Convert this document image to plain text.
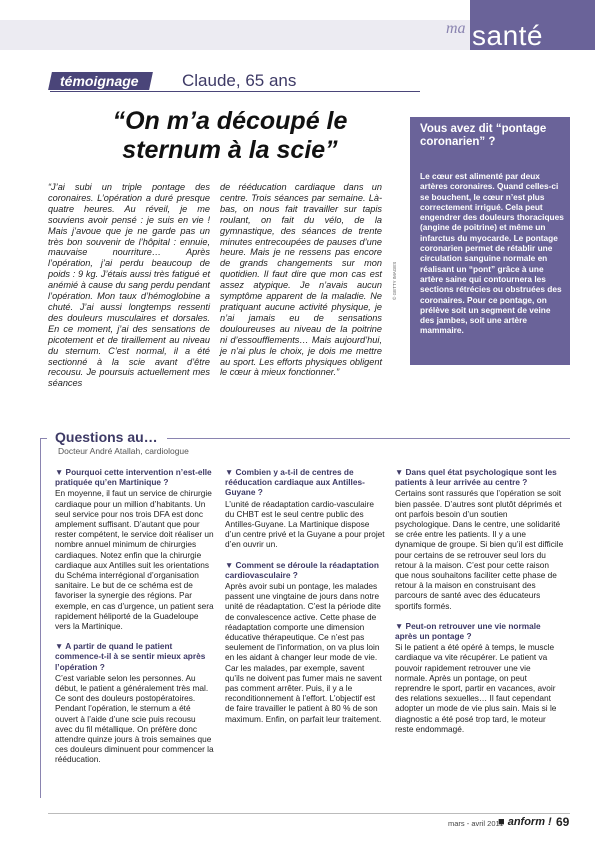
ma santé
témoignage	Claude, 65 ans
“On m’a découpé le sternum à la scie”
“J’ai subi un triple pontage des coronaires. L’opération a duré presque quatre heures. Au réveil, je me souviens avoir pensé : je suis en vie ! Mais j’avoue que je ne garde pas un très bon souvenir de l’hôpital : ennuie, mauvaise nourriture… Après l’opération, j’ai perdu beaucoup de poids : 9 kg. J’étais aussi très fatigué et anémié à cause du sang perdu pendant l’opération. Mon taux d’hémoglobine a chuté. J’ai aussi longtemps ressenti des douleurs musculaires et dorsales. En ce moment, j’ai des sensations de picotement et de tiraillement au niveau du sternum. C’est normal, il a été sectionné à la scie avant d’être recousu. Je poursuis actuellement mes séances
de rééducation cardiaque dans un centre. Trois séances par semaine. Là-bas, on nous fait travailler sur tapis roulant, on fait du vélo, de la gymnastique, des séances de trente minutes entrecoupées de pauses d’une heure. Mais je ne ressens pas encore de grands changements sur mon quotidien. Il faut dire que mon cas est assez atypique. Je n’avais aucun symptôme apparent de la maladie. Ne pratiquant aucune activité physique, je n’ai jamais eu de sensations douloureuses au niveau de la poitrine ni d’essoufflements… Mais aujourd’hui, je n’ai plus le choix, je dois me mettre au sport. Les efforts physiques obligent le cœur à mieux fonctionner.”
Vous avez dit “pontage coronarien” ?
Le cœur est alimenté par deux artères coronaires. Quand celles-ci se bouchent, le cœur n’est plus correctement irrigué. Cela peut engendrer des douleurs thoraciques (angine de poitrine) et même un infarctus du myocarde. Le pontage coronarien permet de rétablir une circulation sanguine normale en réalisant un “pont” grâce à une artère saine qui contournera les sections rétrécies ou obstruées des coronaires. Pour ce pontage, on prélève soit un segment de veine des jambes, soit une artère mammaire.
© GETTY IMAGES
Questions au…
Docteur André Atallah, cardiologue
▼ Pourquoi cette intervention n’est-elle pratiquée qu’en Martinique ?
En moyenne, il faut un service de chirurgie cardiaque pour un million d’habitants. Un seul service pour nos trois DFA est donc amplement suffisant. D’autant que pour rester compétent, le service doit réaliser un nombre annuel minimum de chirurgies cardiaques. Notez enfin que la chirurgie cardiaque aux Antilles suit les orientations du Schéma interrégional d’organisation sanitaire. Le but de ce schéma est de favoriser la synergie des régions. Par exemple, en cas d’urgence, un patient sera rapidement héliporté de la Guadeloupe vers la Martinique.
▼ A partir de quand le patient commence-t-il à se sentir mieux après l’opération ?
C’est variable selon les personnes. Au début, le patient a généralement très mal. Ce sont des douleurs postopératoires. Pendant l’opération, le sternum a été ouvert à l’aide d’une scie puis recousu avec du fil métallique. On préfère donc attendre quinze jours à trois semaines que ces douleurs diminuent pour commencer la rééducation.
▼ Combien y a-t-il de centres de rééducation cardiaque aux Antilles-Guyane ?
L’unité de réadaptation cardio-vasculaire du CHBT est le seul centre public des Antilles-Guyane. La Martinique dispose d’un centre privé et la Guyane a pour projet d’en ouvrir un.
▼ Comment se déroule la réadaptation cardiovasculaire ?
Après avoir subi un pontage, les malades passent une vingtaine de jours dans notre unité de réadaptation. C’est la période dite de convalescence active. Cette phase de réadaptation comporte une dimension éducative thérapeutique. Ce n’est pas seulement de l’information, on va plus loin en les aidant à changer leur mode de vie. Car les malades, par exemple, savent qu’ils ne doivent pas fumer mais ne savent pas comment arrêter. Puis, il y a le reconditionnement à l’effort. L’objectif est de faire travailler le patient à 80 % de son maximum. Enfin, on parfait leur traitement.
▼ Dans quel état psychologique sont les patients à leur arrivée au centre ?
Certains sont rassurés que l’opération se soit bien passée. D’autres sont plutôt déprimés et ont parfois besoin d’un soutien psychologique. Dans le centre, une solidarité se crée entre les patients. Il y a une dynamique de groupe. Si bien qu’il est difficile pour certains de se retrouver seul lors du retour à la maison. C’est pour cette raison que nous souhaitons faciliter cette phase de retour à la maison en construisant des parcours de santé avec des éducateurs sportifs formés.
▼ Peut-on retrouver une vie normale après un pontage ?
Si le patient a été opéré à temps, le muscle cardiaque va vite récupérer. Le patient va pouvoir rapidement retrouver une vie normale. Après un pontage, on peut reprendre le sport, partir en vacances, avoir des relations sexuelles… Il faut cependant adopter un mode de vie plus sain. Mais si le diagnostic a été posé trop tard, le moteur reste endommagé.
mars - avril 2011
■ anform ! 69
